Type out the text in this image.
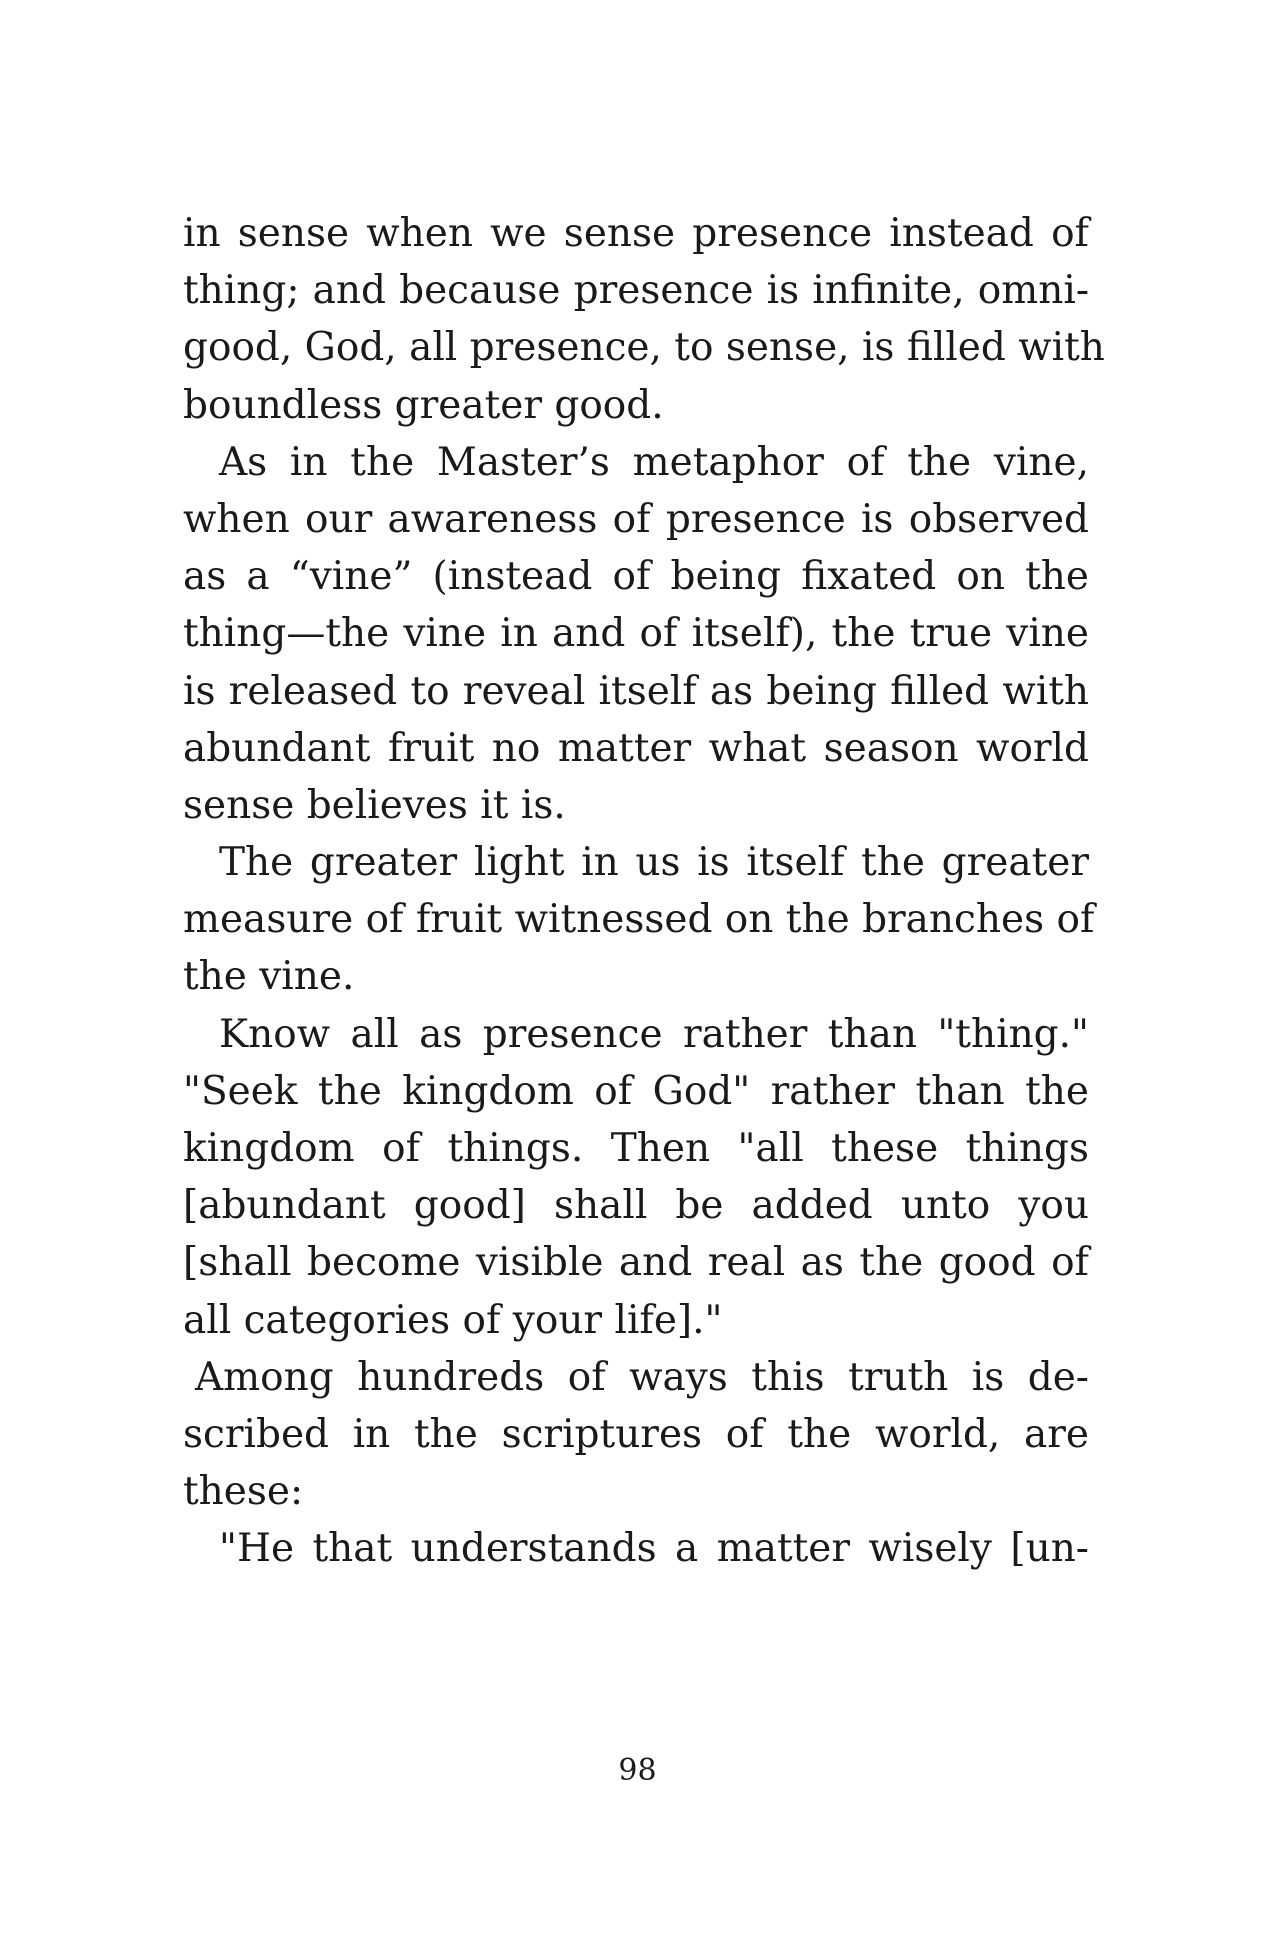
in sense when we sense presence instead of
thing; and because presence is infinite, omni-
good, God, all presence, to sense, is filled with
boundless greater good.
As in the Master’s metaphor of the vine,
when our awareness of presence is observed
as a “vine” (instead of being fixated on the
thing—the vine in and of itself), the true vine
is released to reveal itself as being filled with
abundant fruit no matter what season world
sense believes it is.
The greater light in us is itself the greater
measure of fruit witnessed on the branches of
the vine.
Know all as presence rather than "thing."
"Seek the kingdom of God" rather than the
kingdom of things. Then "all these things
[abundant good] shall be added unto you
[shall become visible and real as the good of
all categories of your life]."
Among hundreds of ways this truth is de-
scribed in the scriptures of the world, are
these:
"He that understands a matter wisely [un-
98
